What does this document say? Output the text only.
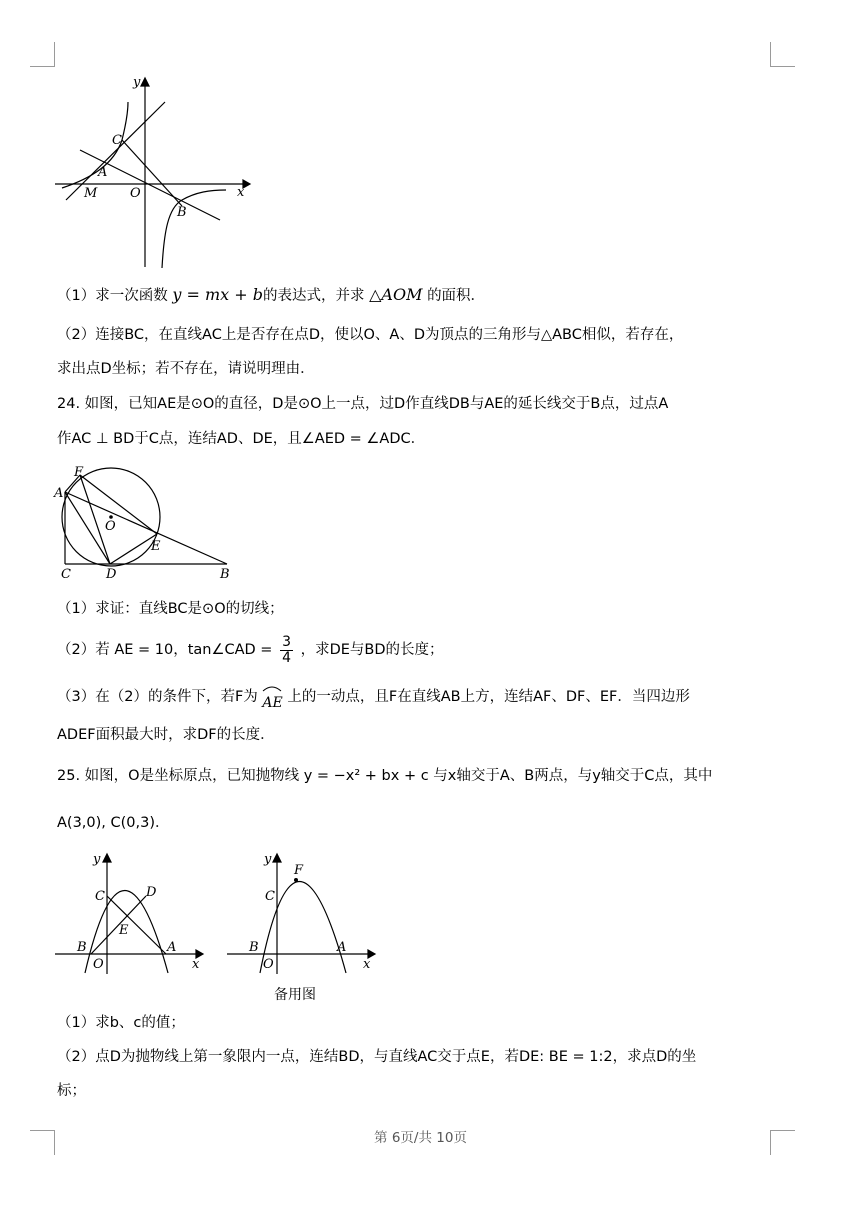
y
x
C
A
M	O
B
（1）求一次函数 y = mx + b的表达式，并求 △AOM 的面积．
（2）连接BC，在直线AC上是否存在点D，使以O、A、D为顶点的三角形与△ABC相似，若存在，
求出点D坐标；若不存在，请说明理由．
24. 如图，已知AE是⊙O的直径，D是⊙O上一点，过D作直线DB与AE的延长线交于B点，过点A
作AC ⊥ BD于C点，连结AD、DE，且∠AED = ∠ADC．
F
A
O
E
C	D	B
（1）求证：直线BC是⊙O的切线；
（2）若 AE = 10，tan∠CAD = $\frac{3}{4}$ ，求DE与BD的长度；
（3）在（2）的条件下，若F为 AE 上的一动点，且F在直线AB上方，连结AF、DF、EF．当四边形
ADEF面积最大时，求DF的长度．
25. 如图，O是坐标原点，已知抛物线 y = −x² + bx + c 与x轴交于A、B两点，与y轴交于C点，其中
A(3,0), C(0,3)．
y
C	D
E
B
O
A
x
y
F
C
B
O
A
x
备用图
（1）求b、c的值；
（2）点D为抛物线上第一象限内一点，连结BD，与直线AC交于点E，若DE: BE = 1:2，求点D的坐
标；
第 6页/共 10页
